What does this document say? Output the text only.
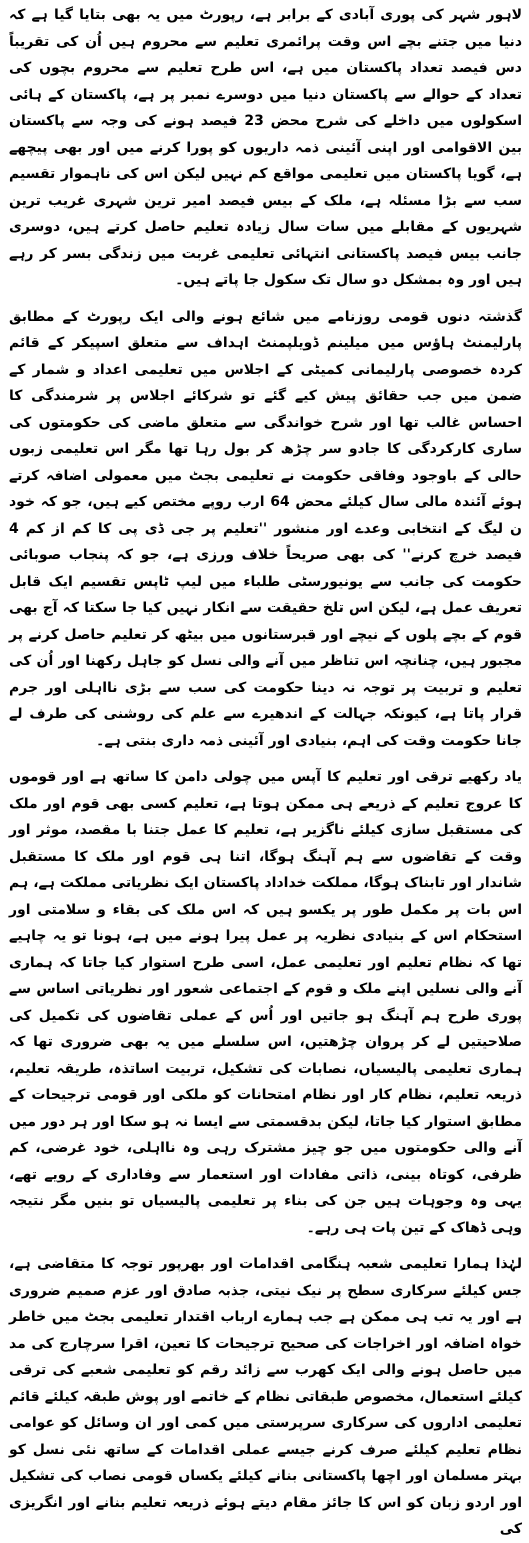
لاہور شہر کی پوری آبادی کے برابر ہے، رپورٹ میں یہ بھی بتایا گیا ہے کہ دنیا میں جتنے بچے اس وقت پرائمری تعلیم سے محروم ہیں اُن کی تقریباً دس فیصد تعداد پاکستان میں ہے، اس طرح تعلیم سے محروم بچوں کی تعداد کے حوالے سے پاکستان دنیا میں دوسرے نمبر پر ہے، پاکستان کے ہائی اسکولوں میں داخلے کی شرح محض 23 فیصد ہونے کی وجہ سے پاکستان بین الاقوامی اور اپنی آئینی ذمہ داریوں کو پورا کرنے میں اور بھی پیچھے ہے، گویا پاکستان میں تعلیمی مواقع کم نہیں لیکن اس کی ناہموار تقسیم سب سے بڑا مسئلہ ہے، ملک کے بیس فیصد امیر ترین شہری غریب ترین شہریوں کے مقابلے میں سات سال زیادہ تعلیم حاصل کرتے ہیں، دوسری جانب بیس فیصد پاکستانی انتہائی تعلیمی غربت میں زندگی بسر کر رہے ہیں اور وہ بمشکل دو سال تک سکول جا پاتے ہیں۔

گذشتہ دنوں قومی روزنامے میں شائع ہونے والی ایک رپورٹ کے مطابق پارلیمنٹ ہاؤس میں میلینم ڈویلپمنٹ اہداف سے متعلق اسپیکر کے قائم کردہ خصوصی پارلیمانی کمیٹی کے اجلاس میں تعلیمی اعداد و شمار کے ضمن میں جب حقائق پیش کیے گئے تو شرکائے اجلاس پر شرمندگی کا احساس غالب تھا اور شرح خواندگی سے متعلق ماضی کی حکومتوں کی ساری کارکردگی کا جادو سر چڑھ کر بول رہا تھا مگر اس تعلیمی زبوں حالی کے باوجود وفاقی حکومت نے تعلیمی بجٹ میں معمولی اضافہ کرتے ہوئے آئندہ مالی سال کیلئے محض 64 ارب روپے مختص کیے ہیں، جو کہ خود ن لیگ کے انتخابی وعدے اور منشور ''تعلیم پر جی ڈی پی کا کم از کم 4 فیصد خرچ کرنے'' کی بھی صریحاً خلاف ورزی ہے، جو کہ پنجاب صوبائی حکومت کی جانب سے یونیورسٹی طلباء میں لیپ ٹاپس تقسیم ایک قابل تعریف عمل ہے، لیکن اس تلخ حقیقت سے انکار نہیں کیا جا سکتا کہ آج بھی قوم کے بچے پلوں کے نیچے اور قبرستانوں میں بیٹھ کر تعلیم حاصل کرنے پر مجبور ہیں، چنانچہ اس تناظر میں آنے والی نسل کو جاہل رکھنا اور اُن کی تعلیم و تربیت پر توجہ نہ دینا حکومت کی سب سے بڑی نااہلی اور جرم قرار پاتا ہے، کیونکہ جہالت کے اندھیرے سے علم کی روشنی کی طرف لے جانا حکومت وقت کی اہم، بنیادی اور آئینی ذمہ داری بنتی ہے۔

یاد رکھیے ترقی اور تعلیم کا آپس میں چولی دامن کا ساتھ ہے اور قوموں کا عروج تعلیم کے ذریعے ہی ممکن ہوتا ہے، تعلیم کسی بھی قوم اور ملک کی مستقبل سازی کیلئے ناگزیر ہے، تعلیم کا عمل جتنا با مقصد، موثر اور وقت کے تقاضوں سے ہم آہنگ ہوگا، اتنا ہی قوم اور ملک کا مستقبل شاندار اور تابناک ہوگا، مملکت خداداد پاکستان ایک نظریاتی مملکت ہے، ہم اس بات پر مکمل طور پر یکسو ہیں کہ اس ملک کی بقاء و سلامتی اور استحکام اس کے بنیادی نظریہ پر عمل پیرا ہونے میں ہے، ہونا تو یہ چاہیے تھا کہ نظام تعلیم اور تعلیمی عمل، اسی طرح استوار کیا جاتا کہ ہماری آنے والی نسلیں اپنے ملک و قوم کے اجتماعی شعور اور نظریاتی اساس سے پوری طرح ہم آہنگ ہو جاتیں اور اُس کے عملی تقاضوں کی تکمیل کی صلاحیتیں لے کر پروان چڑھتیں، اس سلسلے میں یہ بھی ضروری تھا کہ ہماری تعلیمی پالیسیاں، نصابات کی تشکیل، تربیت اساتذہ، طریقہ تعلیم، ذریعہ تعلیم، نظام کار اور نظام امتحانات کو ملکی اور قومی ترجیحات کے مطابق استوار کیا جاتا، لیکن بدقسمتی سے ایسا نہ ہو سکا اور ہر دور میں آنے والی حکومتوں میں جو چیز مشترک رہی وہ نااہلی، خود غرضی، کم ظرفی، کوتاہ بینی، ذاتی مفادات اور استعمار سے وفاداری کے رویے تھے، یہی وہ وجوہات ہیں جن کی بناء پر تعلیمی پالیسیاں تو بنیں مگر نتیجہ وہی ڈھاک کے تین پات ہی رہے۔

لہٰذا ہمارا تعلیمی شعبہ ہنگامی اقدامات اور بھرپور توجہ کا متقاضی ہے، جس کیلئے سرکاری سطح پر نیک نیتی، جذبہ صادق اور عزم صمیم ضروری ہے اور یہ تب ہی ممکن ہے جب ہمارے ارباب اقتدار تعلیمی بجٹ میں خاطر خواہ اضافہ اور اخراجات کی صحیح ترجیحات کا تعین، اقرا سرچارج کی مد میں حاصل ہونے والی ایک کھرب سے زائد رقم کو تعلیمی شعبے کی ترقی کیلئے استعمال، مخصوص طبقاتی نظام کے خاتمے اور پوش طبقہ کیلئے قائم تعلیمی اداروں کی سرکاری سرپرستی میں کمی اور ان وسائل کو عوامی نظام تعلیم کیلئے صرف کرنے جیسے عملی اقدامات کے ساتھ نئی نسل کو بہتر مسلمان اور اچھا پاکستانی بنانے کیلئے یکساں قومی نصاب کی تشکیل اور اردو زبان کو اس کا جائز مقام دیتے ہوئے ذریعہ تعلیم بنانے اور انگریزی کی
